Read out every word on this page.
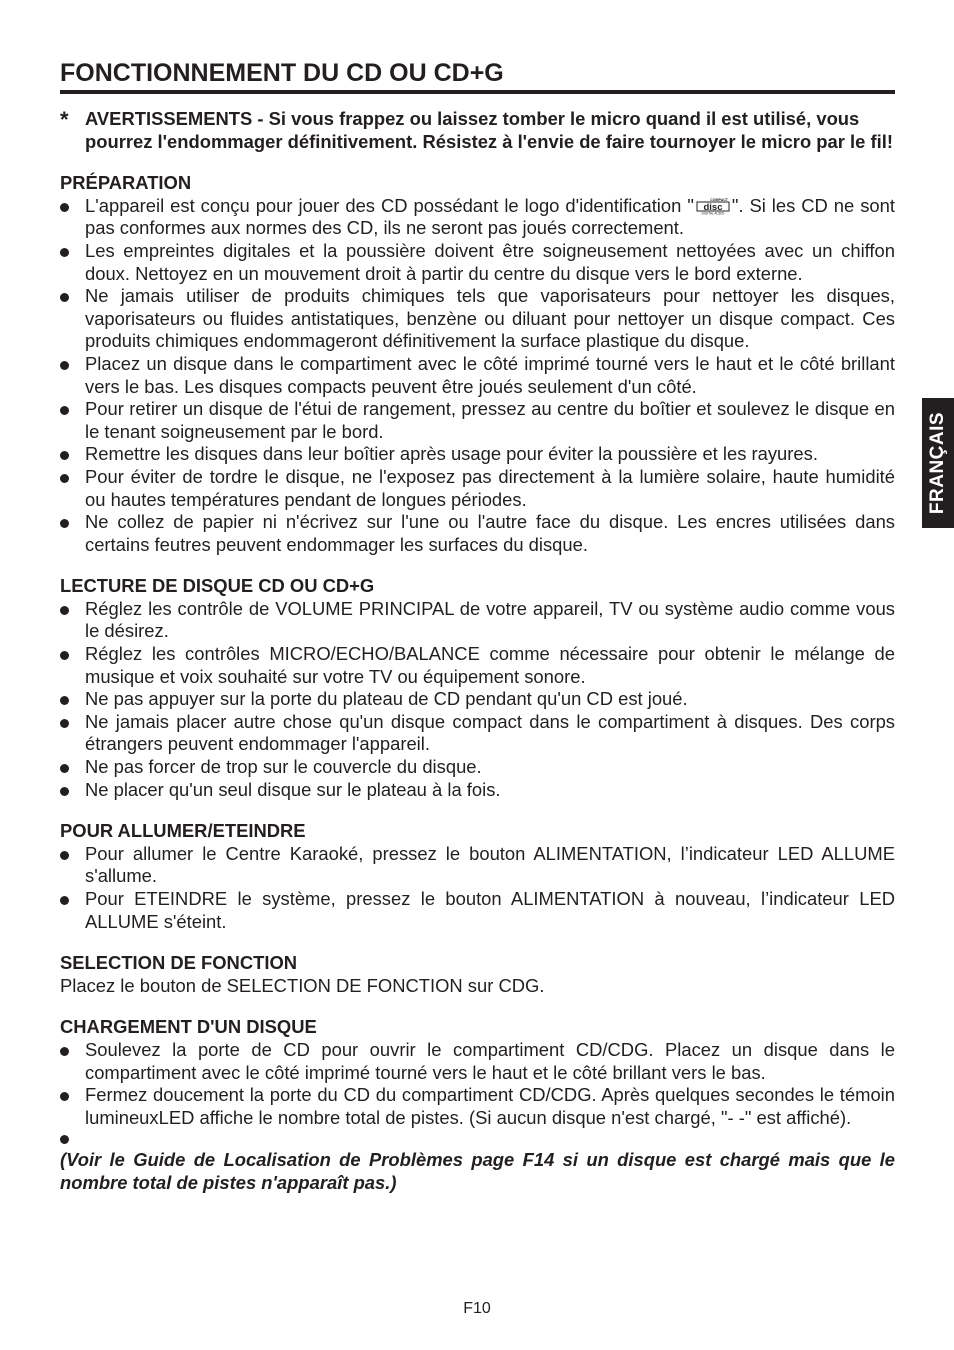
FONCTIONNEMENT DU CD OU CD+G
FRANÇAIS
* AVERTISSEMENTS - Si vous frappez ou laissez tomber le micro quand il est utilisé, vous pourrez l'endommager définitivement. Résistez à l'envie de faire tournoyer le micro par le fil!
PRÉPARATION
L'appareil est conçu pour jouer des CD possédant le logo d'identification "	COMPACT
disc
DIGITAL AUDIO ". Si les CD ne sont pas conformes aux normes des CD, ils ne seront pas joués correctement.
Les empreintes digitales et la poussière doivent être soigneusement nettoyées avec un chiffon doux. Nettoyez en un mouvement droit à partir du centre du disque vers le bord externe.
Ne jamais utiliser de produits chimiques tels que vaporisateurs pour nettoyer les disques, vaporisateurs ou fluides antistatiques, benzène ou diluant pour nettoyer un disque compact. Ces produits chimiques endommageront définitivement la surface plastique du disque.
Placez un disque dans le compartiment avec le côté imprimé tourné vers le haut et le côté brillant vers le bas. Les disques compacts peuvent être joués seulement d'un côté.
Pour retirer un disque de l'étui de rangement, pressez au centre du boîtier et soulevez le disque en le tenant soigneusement par le bord.
Remettre les disques dans leur boîtier après usage pour éviter la poussière et les rayures.
Pour éviter de tordre le disque, ne l'exposez pas directement à la lumière solaire, haute humidité ou hautes températures pendant de longues périodes.
Ne collez de papier ni n'écrivez sur l'une ou l'autre face du disque. Les encres utilisées dans certains feutres peuvent endommager les surfaces du disque.
LECTURE DE DISQUE CD OU CD+G
Réglez les contrôle de VOLUME PRINCIPAL de votre appareil, TV ou système audio comme vous le désirez.
Réglez les contrôles MICRO/ECHO/BALANCE comme nécessaire pour obtenir le mélange de musique et voix souhaité sur votre TV ou équipement sonore.
Ne pas appuyer sur la porte du plateau de CD pendant qu'un CD est joué.
Ne jamais placer autre chose qu'un disque compact dans le compartiment à disques. Des corps étrangers peuvent endommager l'appareil.
Ne pas forcer de trop sur le couvercle du disque.
Ne placer qu'un seul disque sur le plateau à la fois.
POUR ALLUMER/ETEINDRE
Pour allumer le Centre Karaoké, pressez le bouton ALIMENTATION, l’indicateur LED ALLUME s'allume.
Pour ETEINDRE le système, pressez le bouton ALIMENTATION à nouveau, l’indicateur LED ALLUME s'éteint.
SELECTION DE FONCTION

Placez le bouton de SELECTION DE FONCTION sur CDG.

CHARGEMENT D'UN DISQUE
Soulevez la porte de CD pour ouvrir le compartiment CD/CDG. Placez un disque dans le compartiment avec le côté imprimé tourné vers le haut et le côté brillant vers le bas.
Fermez doucement la porte du CD du compartiment CD/CDG. Après quelques secondes le témoin lumineuxLED affiche le nombre total de pistes. (Si aucun disque n'est chargé, "- -" est affiché).

(Voir le Guide de Localisation de Problèmes page F14 si un disque est chargé mais que le nombre total de pistes n'apparaît pas.)

F10
